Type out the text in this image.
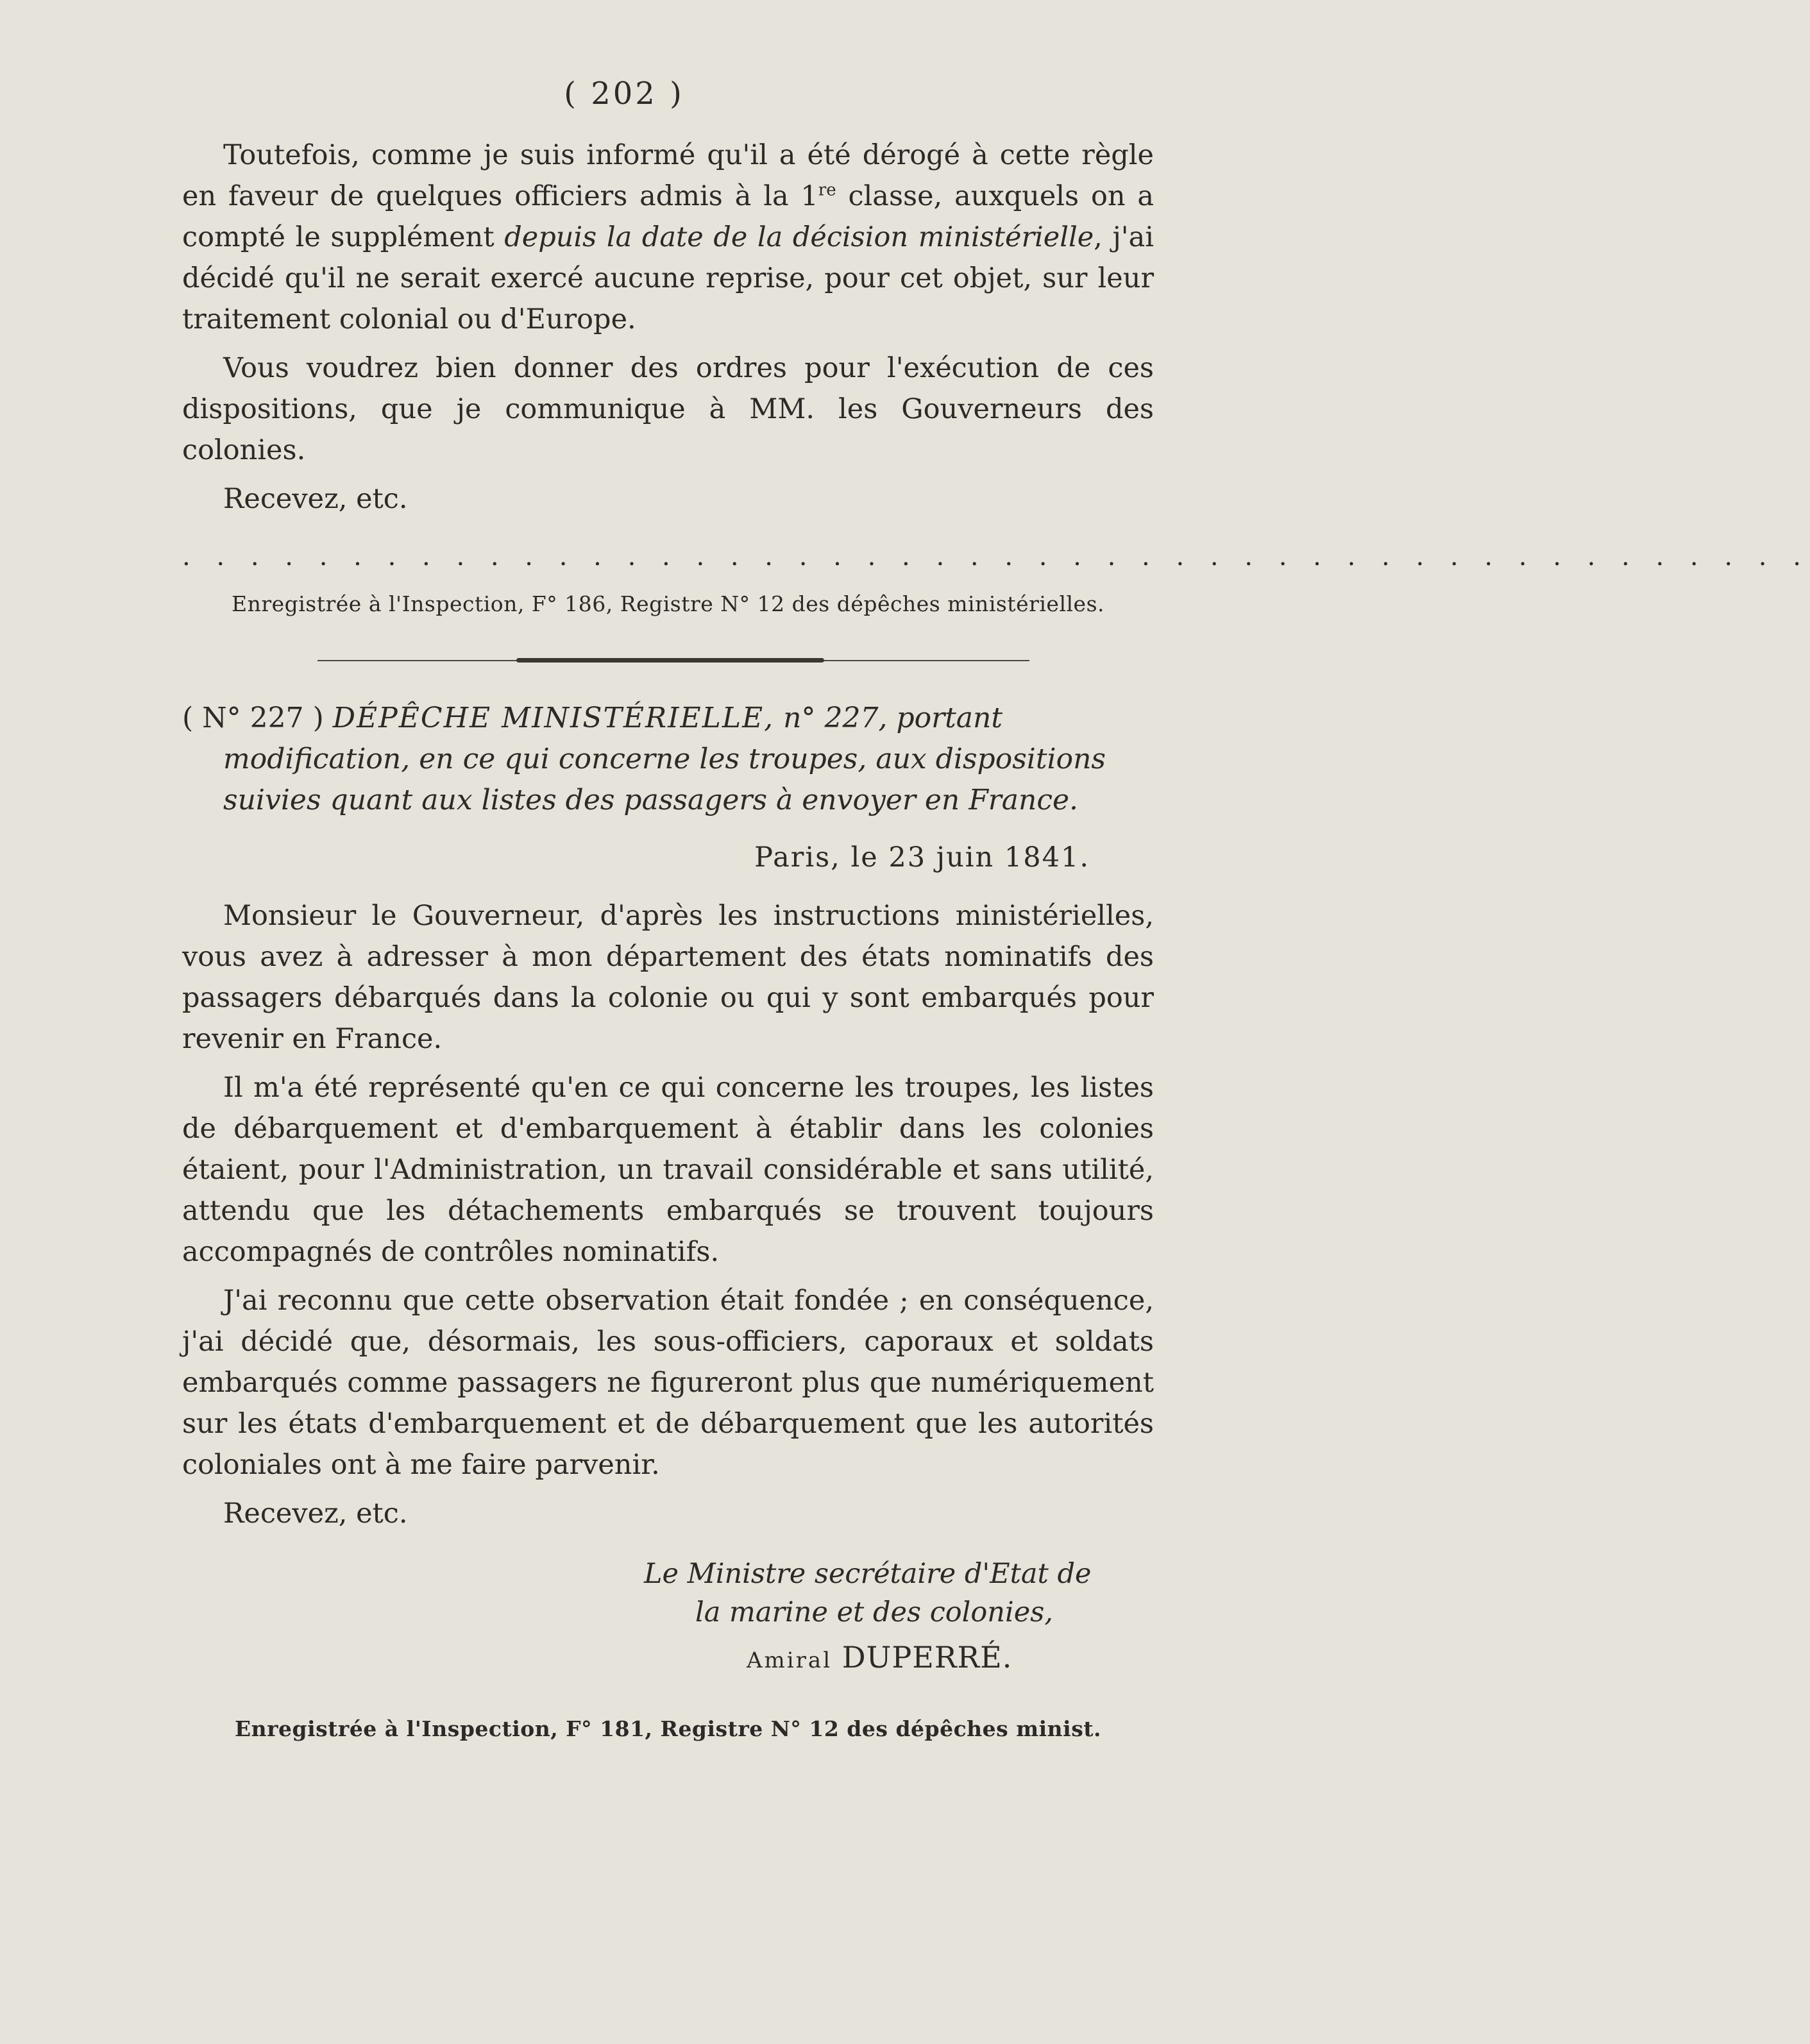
( 202 )

Toutefois, comme je suis informé qu'il a été dérogé à cette règle en faveur de quelques officiers admis à la 1re classe, auxquels on a compté le supplément depuis la date de la décision ministérielle, j'ai décidé qu'il ne serait exercé aucune reprise, pour cet objet, sur leur traitement colonial ou d'Europe.

Vous voudrez bien donner des ordres pour l'exécution de ces dispositions, que je communique à MM. les Gouverneurs des colonies.

Recevez, etc.

. . . . . . . . . . . . . . . . . . . . . . . . . . . . . . . . . . . . . . . . . . . . . . . .
Enregistrée à l'Inspection, F° 186, Registre N° 12 des dépêches ministérielles.
( N° 227 ) DÉPÊCHE MINISTÉRIELLE, n° 227, portant
modification, en ce qui concerne les troupes, aux dispositions
suivies quant aux listes des passagers à envoyer en France.
Paris, le 23 juin 1841.

Monsieur le Gouverneur, d'après les instructions ministérielles, vous avez à adresser à mon département des états nominatifs des passagers débarqués dans la colonie ou qui y sont embarqués pour revenir en France.

Il m'a été représenté qu'en ce qui concerne les troupes, les listes de débarquement et d'embarquement à établir dans les colonies étaient, pour l'Administration, un travail considérable et sans utilité, attendu que les détachements embarqués se trouvent toujours accompagnés de contrôles nominatifs.

J'ai reconnu que cette observation était fondée ; en conséquence, j'ai décidé que, désormais, les sous-officiers, caporaux et soldats embarqués comme passagers ne figureront plus que numériquement sur les états d'embarquement et de débarquement que les autorités coloniales ont à me faire parvenir.

Recevez, etc.

Le Ministre secrétaire d'Etat de
la marine et des colonies,
Amiral DUPERRÉ.
Enregistrée à l'Inspection, F° 181, Registre N° 12 des dépêches minist.
